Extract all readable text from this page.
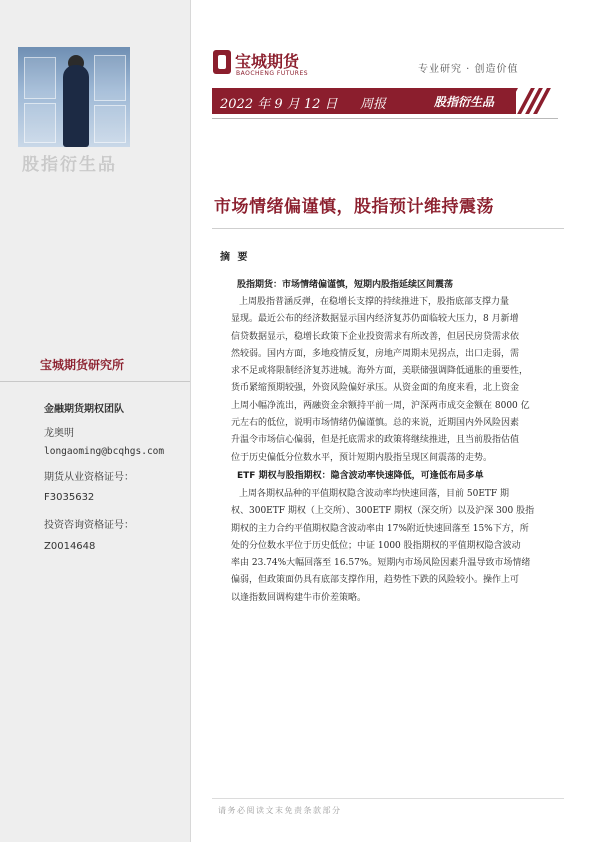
股指衍生品
宝城期货研究所
金融期货期权团队
龙奥明
longaoming@bcqhgs.com
期货从业资格证号：
F3035632
投资咨询资格证号：
Z0014648
宝城期货
BAOCHENG FUTURES	专业研究 · 创造价值
2022 年 9 月 12 日 周报	股指衍生品
市场情绪偏谨慎，股指预计维持震荡
摘 要
股指期货：市场情绪偏谨慎，短期内股指延续区间震荡
上周股指普涵反弹，在稳增长支撑的持续推进下，股指底部支撑力量
显现。最近公布的经济数据显示国内经济复苏仍面临较大压力，8 月新增
信贷数据显示，稳增长政策下企业投资需求有所改善，但居民房贷需求依
然较弱。国内方面，多地疫情反复，房地产周期未见拐点，出口走弱，需
求不足或将限制经济复苏进城。海外方面，美联储强调降低通胀的重要性，
货币紧缩预期较强，外资风险偏好承压。从资金面的角度来看，北上资金
上周小幅净流出，两融资金余额持平前一周，沪深两市成交金额在 8000 亿
元左右的低位，说明市场情绪仍偏谨慎。总的来说，近期国内外风险因素
升温令市场信心偏弱，但是托底需求的政策将继续推进，且当前股指估值
位于历史偏低分位数水平，预计短期内股指呈现区间震荡的走势。
ETF 期权与股指期权：隐含波动率快速降低，可逢低布局多单
上周各期权品种的平值期权隐含波动率均快速回落，目前 50ETF 期
权、300ETF 期权（上交所）、300ETF 期权（深交所）以及沪深 300 股指
期权的主力合约平值期权隐含波动率由 17%附近快速回落至 15%下方，所
处的分位数水平位于历史低位；中证 1000 股指期权的平值期权隐含波动
率由 23.74%大幅回落至 16.57%。短期内市场风险因素升温导致市场情绪
偏弱，但政策面仍具有底部支撑作用，趋势性下跌的风险较小。操作上可
以逢指数回调构建牛市价差策略。
请务必阅读文末免责条款部分
